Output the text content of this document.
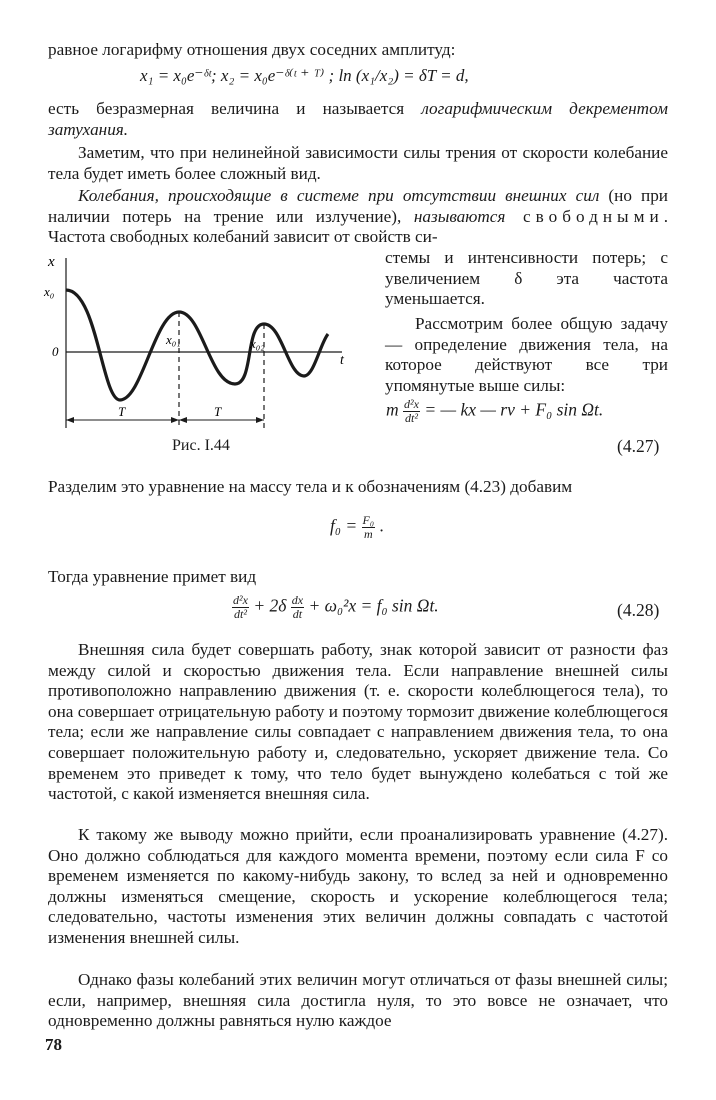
равное логарифму отношения двух соседних амплитуд:

x₁ = x₀e⁻ᵟᵗ; x₂ = x₀e⁻ᵟ⁽ᵗ ⁺ ᵀ⁾ ; ln (x₁/x₂) = δT = d,

есть безразмерная величина и называется логарифмическим декрементом затухания.

Заметим, что при нелинейной зависимости силы трения от скорости колебание тела будет иметь более сложный вид.

Колебания, происходящие в системе при отсутствии внешних сил (но при наличии потерь на трение или излучение), называются свободными. Частота свободных колебаний зависит от свойств си-

стемы и интенсивности потерь; с увеличением δ эта частота уменьшается.

Рассмотрим более общую задачу — определение движения тела, на которое действуют все три упомянутые выше силы:

m $\frac{\text{d²x}}{\text{dt²}}$ = — kx — rv + F₀ sin Ωt.
(4.27)
x
x₀
0
x₀₁	x₀₂
t
T	T
Рис. I.44

Разделим это уравнение на массу тела и к обозначениям (4.23) добавим

$f_0 = \frac{\text{F₀}}{m}$ .

Тогда уравнение примет вид

$\frac{\text{d²x}}{\text{dt²}} + 2\delta \frac{dx}{dt} + \omega_0^2x = f_0$ sin Ωt.	(4.28)

Внешняя сила будет совершать работу, знак которой зависит от разности фаз между силой и скоростью движения тела. Если направление внешней силы противоположно направлению движения (т. е. скорости колеблющегося тела), то она совершает отрицательную работу и поэтому тормозит движение колеблющегося тела; если же направление силы совпадает с направлением движения тела, то она совершает положительную работу и, следовательно, ускоряет движение тела. Со временем это приведет к тому, что тело будет вынуждено колебаться с той же частотой, с какой изменяется внешняя сила.

К такому же выводу можно прийти, если проанализировать уравнение (4.27). Оно должно соблюдаться для каждого момента времени, поэтому если сила F со временем изменяется по какому-нибудь закону, то вслед за ней и одновременно должны изменяться смещение, скорость и ускорение колеблющегося тела; следовательно, частоты изменения этих величин должны совпадать с частотой изменения внешней силы.

Однако фазы колебаний этих величин могут отличаться от фазы внешней силы; если, например, внешняя сила достигла нуля, то это вовсе не означает, что одновременно должны равняться нулю каждое

78
